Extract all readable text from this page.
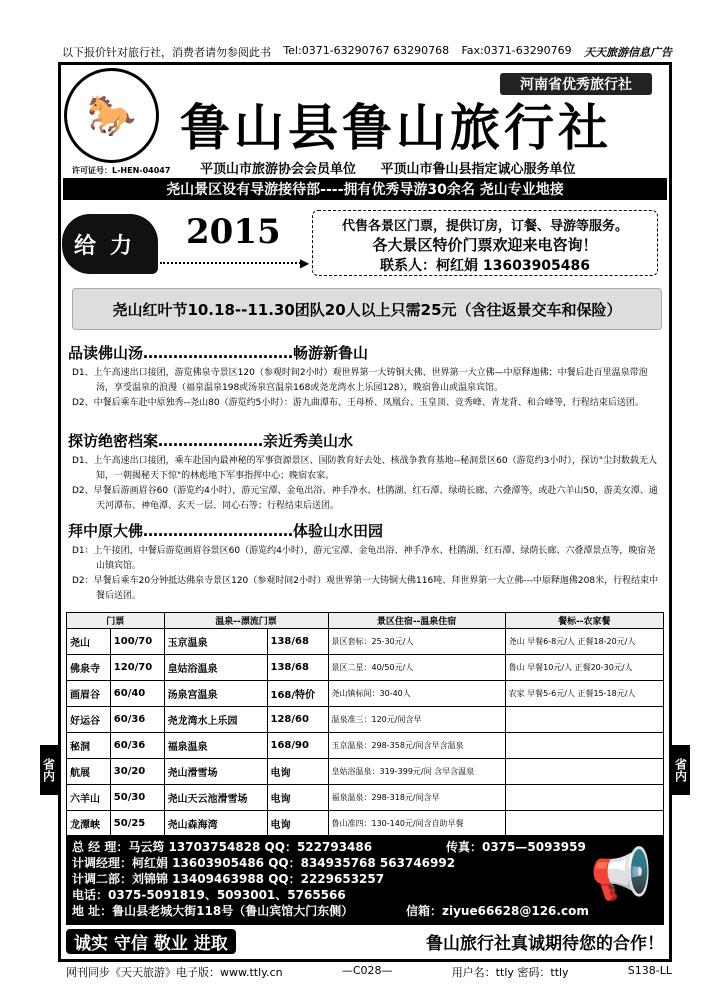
以下报价针对旅行社，消费者请勿参阅此书 Tel:0371-63290767 63290768 Fax:0371-63290769 天天旅游信息广告
省内	省内
🐎
许可证号：L-HEN-04047
河南省优秀旅行社
鲁山县鲁山旅行社
平顶山市旅游协会会员单位 平顶山市鲁山县指定诚心服务单位
尧山景区设有导游接待部----拥有优秀导游30余名 尧山专业地接
给力	2015
▶
代售各景区门票，提供订房，订餐、导游等服务。
各大景区特价门票欢迎来电咨询！
联系人：柯红娟 13603905486
尧山红叶节10.18--11.30团队20人以上只需25元（含往返景交车和保险）
品读佛山汤…………………………畅游新鲁山

D1、上午高速出口接团，游览佛泉寺景区120（参观时间2小时）观世界第一大铸铜大佛、世界第一大立佛—中原释迦佛；中餐后赴百里温泉带泡汤，享受温泉的浪漫（福泉温泉198或汤泉宫温泉168或尧龙湾水上乐园128），晚宿鲁山或温泉宾馆。

D2、中餐后乘车赴中原独秀--尧山80（游览约5小时）：游九曲潭布、王母桥、凤凰台、玉皇顶、竞秀峰、青龙背、和合峰等，行程结束后送团。

探访绝密档案…………………亲近秀美山水

D1、上午高速出口接团，乘车赴国内最神秘的军事资源景区、国防教育好去处、核战争教育基地--秘洞景区60（游览约3小时），探访"尘封数载无人知，一朝揭秘天下惊"的林彪地下军事指挥中心；晚宿农家。

D2、早餐后游画眉谷60（游览约4小时），游元宝潭、金龟出浴、神手净水、杜鹃湖、红石潭、绿萌长廊、六叠潭等，或赴六羊山50，游美女潭、通天河潭布、神龟潭、玄天一层、同心石等；行程结束后送团。

拜中原大佛…………………………体验山水田园

D1：上午接团，中餐后游览画眉谷景区60（游览约4小时），游元宝潭、金龟出浴、神手净水、杜鹃湖、红石潭、绿荫长廊、六叠潭景点等，晚宿尧山镇宾馆。

D2：早餐后乘车20分钟抵达佛泉寺景区120（参观时间2小时）观世界第一大铸铜大佛116吨、拜世界第一大立佛---中原释迦佛208米，行程结束中餐后送团。

门票		温泉--漂流门票		景区住宿--温泉住宿	餐标--农家餐
尧山	100/70	玉京温泉	138/68	景区套标：25-30元/人	尧山 早餐6-8元/人 正餐18-20元/人
佛泉寺	120/70	皇姑浴温泉	138/68	景区二星：40/50元/人	鲁山 早餐10元/人 正餐20-30元/人
画眉谷	60/40	汤泉宫温泉	168/特价	尧山镇标间：30-40人	农家 早餐5-6元/人 正餐15-18元/人
好运谷	60/36	尧龙湾水上乐园	128/60	温泉准三：120元/间含早	
秘洞	60/36	福泉温泉	168/90	玉京温泉：298-358元/间含早含温泉	
航展	30/20	尧山滑雪场	电询	皇姑浴温泉：319-399元/间 含早含温泉	
六羊山	50/30	尧山天云池滑雪场	电询	福泉温泉：298-318元/间含早	
龙潭峡	50/25	尧山森海湾	电询	鲁山准四：130-140元/间含自助早餐	
总 经 理：马云筠 13703754828 QQ：522793486	传真：0375—5093959
计调经理：柯红娟 13603905486 QQ：834935768 563746992
计调二部：刘锦锦 13409463988 QQ：2229653257
电话：0375-5091819、5093001、5765566
地 址：鲁山县老城大街118号（鲁山宾馆大门东侧）	信箱：ziyue66628@126.com
📢
诚实 守信 敬业 进取	鲁山旅行社真诚期待您的合作！
网刊同步《天天旅游》电子版：www.ttly.cn	—C028—	用户名：ttly 密码：ttly	S138-LL
